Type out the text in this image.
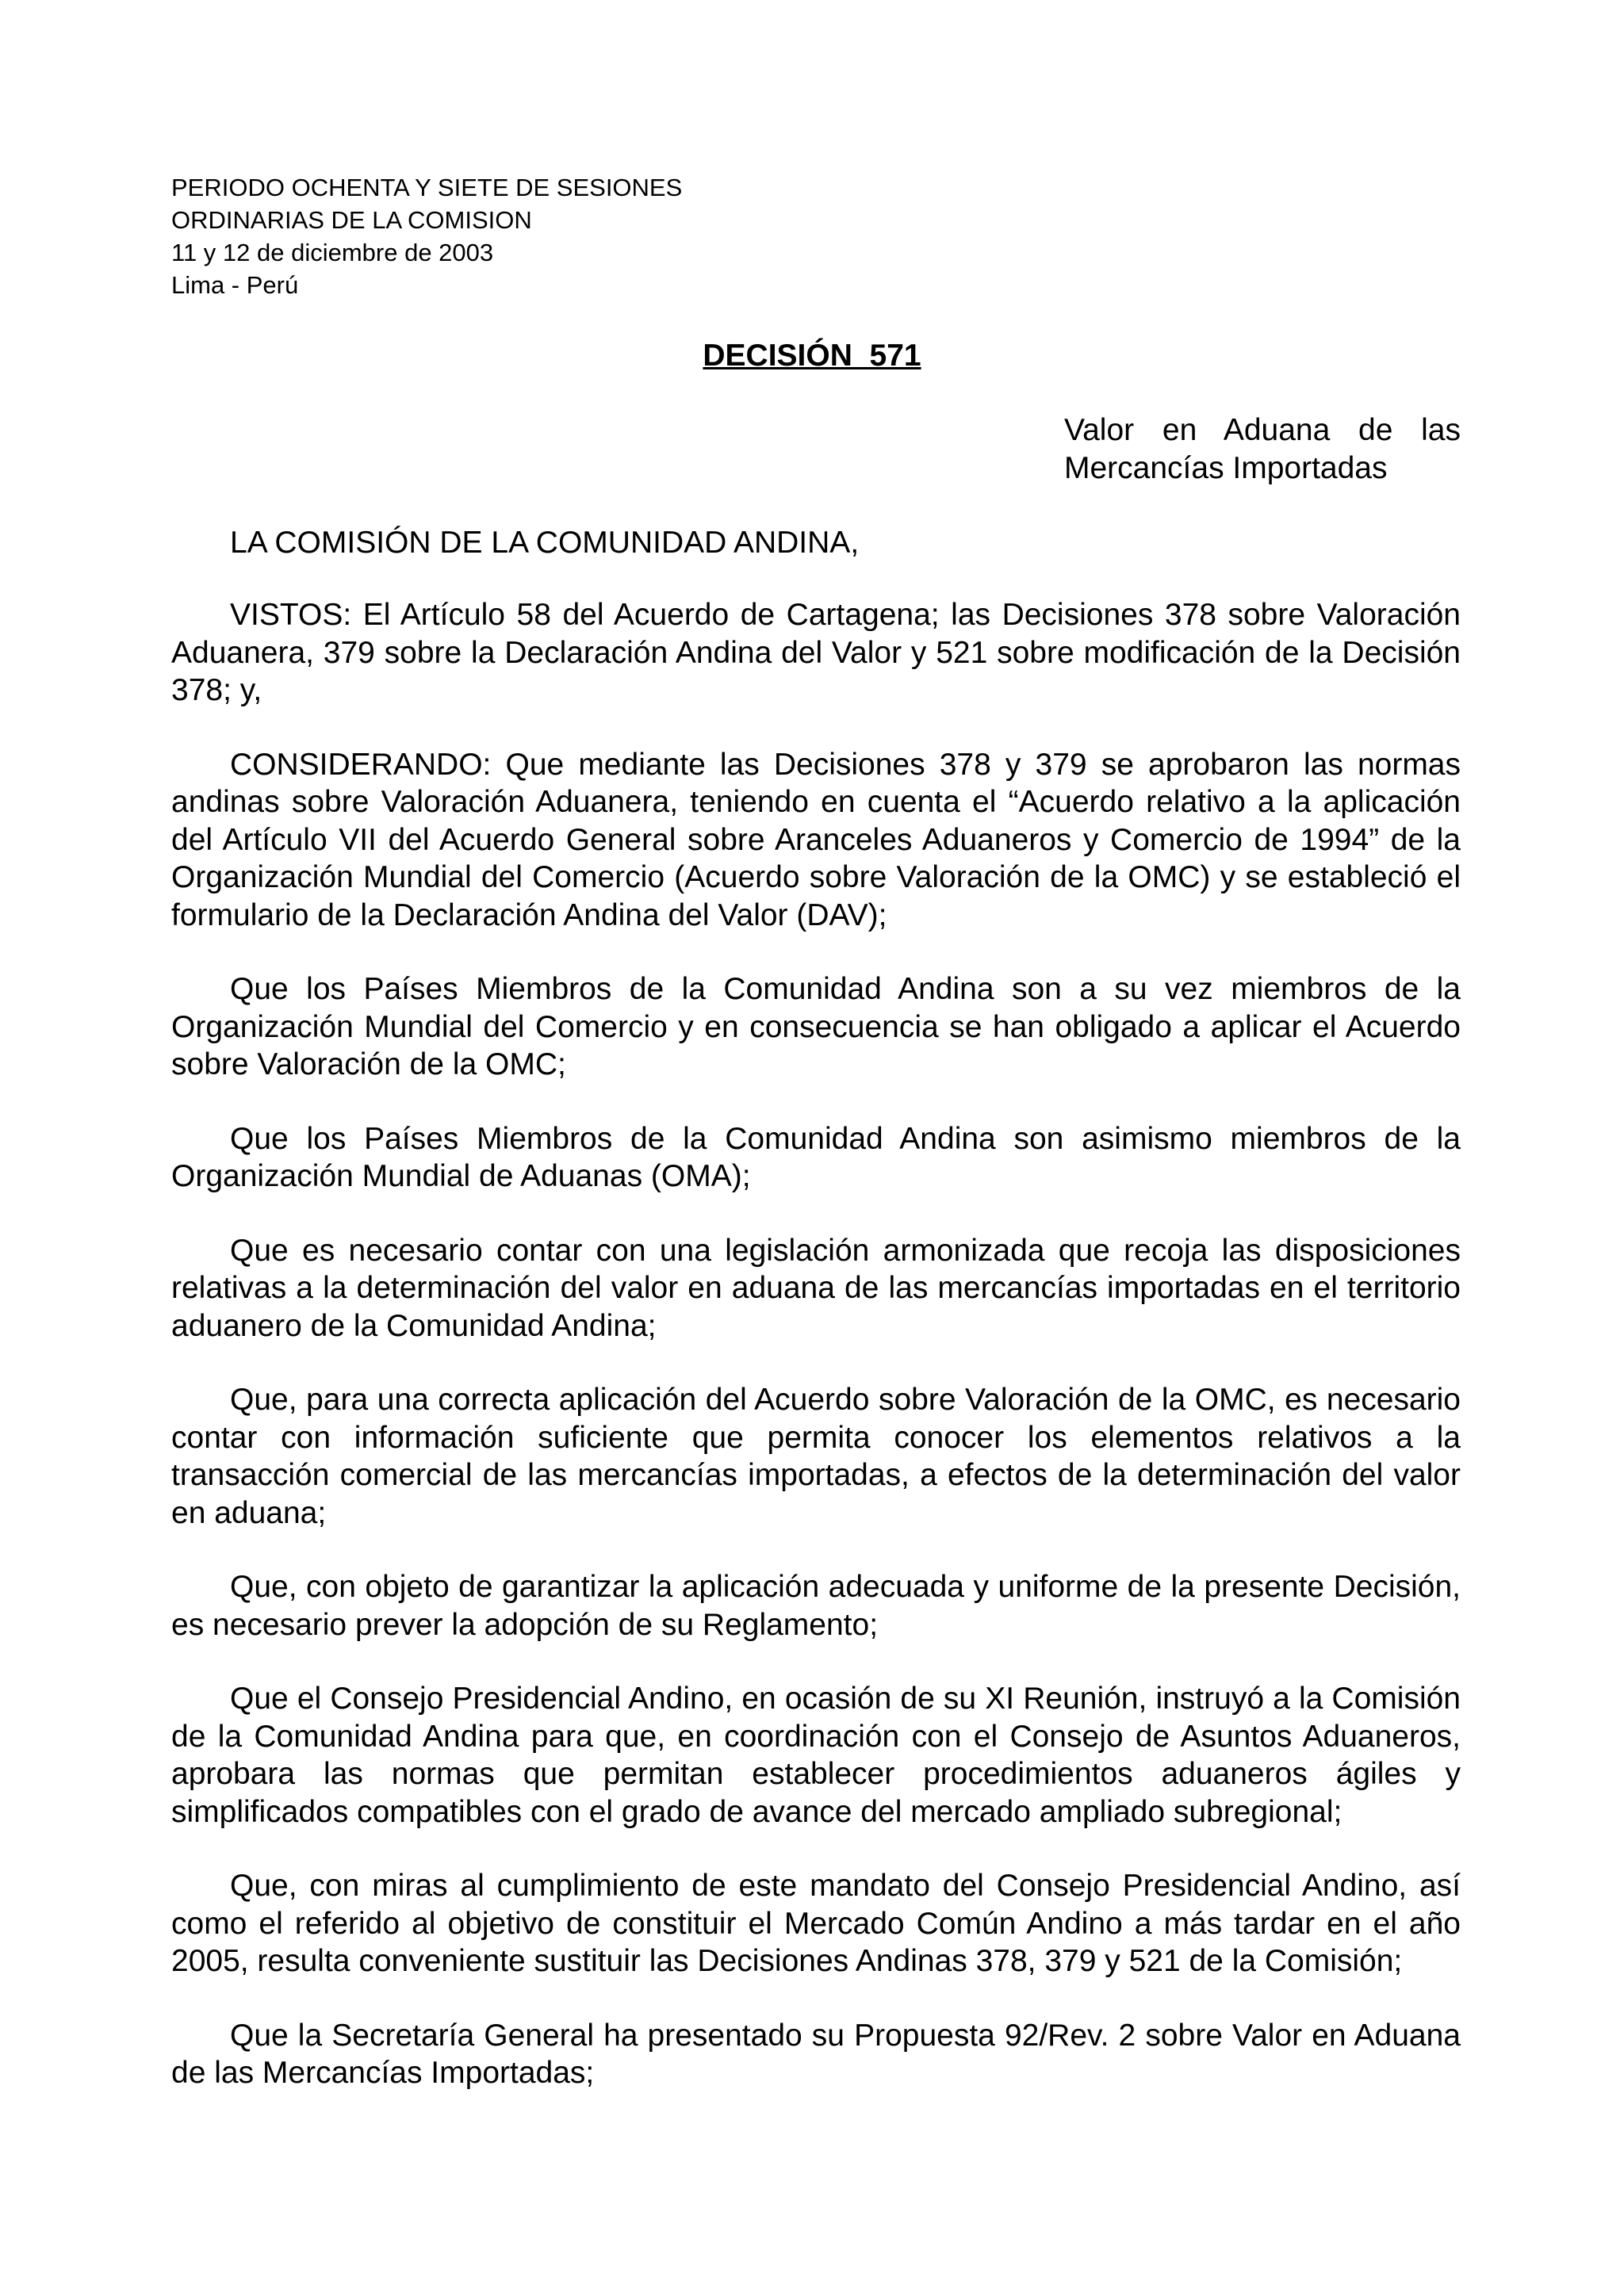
PERIODO OCHENTA Y SIETE DE SESIONES
ORDINARIAS DE LA COMISION
11 y 12 de diciembre de 2003
Lima - Perú
DECISIÓN  571
Valor en Aduana de las
Mercancías Importadas
LA COMISIÓN DE LA COMUNIDAD ANDINA,

VISTOS: El Artículo 58 del Acuerdo de Cartagena; las Decisiones 378 sobre Valoración Aduanera, 379 sobre la Declaración Andina del Valor y 521 sobre modificación de la Decisión 378; y,

CONSIDERANDO: Que mediante las Decisiones 378 y 379 se aprobaron las normas andinas sobre Valoración Aduanera, teniendo en cuenta el “Acuerdo relativo a la aplicación del Artículo VII del Acuerdo General sobre Aranceles Aduaneros y Comercio de 1994” de la Organización Mundial del Comercio (Acuerdo sobre Valoración de la OMC) y se estableció el formulario de la Declaración Andina del Valor (DAV);

Que los Países Miembros de la Comunidad Andina son a su vez miembros de la Organización Mundial del Comercio y en consecuencia se han obligado a aplicar el Acuerdo sobre Valoración de la OMC;

Que los Países Miembros de la Comunidad Andina son asimismo miembros de la Organización Mundial de Aduanas (OMA);

Que es necesario contar con una legislación armonizada que recoja las disposiciones relativas a la determinación del valor en aduana de las mercancías importadas en el territorio aduanero de la Comunidad Andina;

Que, para una correcta aplicación del Acuerdo sobre Valoración de la OMC, es necesario contar con información suficiente que permita conocer los elementos relativos a la transacción comercial de las mercancías importadas, a efectos de la determinación del valor en aduana;

Que, con objeto de garantizar la aplicación adecuada y uniforme de la presente Decisión, es necesario prever la adopción de su Reglamento;

Que el Consejo Presidencial Andino, en ocasión de su XI Reunión, instruyó a la Comisión de la Comunidad Andina para que, en coordinación con el Consejo de Asuntos Aduaneros, aprobara las normas que permitan establecer procedimientos aduaneros ágiles y simplificados compatibles con el grado de avance del mercado ampliado subregional;

Que, con miras al cumplimiento de este mandato del Consejo Presidencial Andino, así como el referido al objetivo de constituir el Mercado Común Andino a más tardar en el año 2005, resulta conveniente sustituir las Decisiones Andinas 378, 379 y 521 de la Comisión;

Que la Secretaría General ha presentado su Propuesta 92/Rev. 2 sobre Valor en Aduana de las Mercancías Importadas;
